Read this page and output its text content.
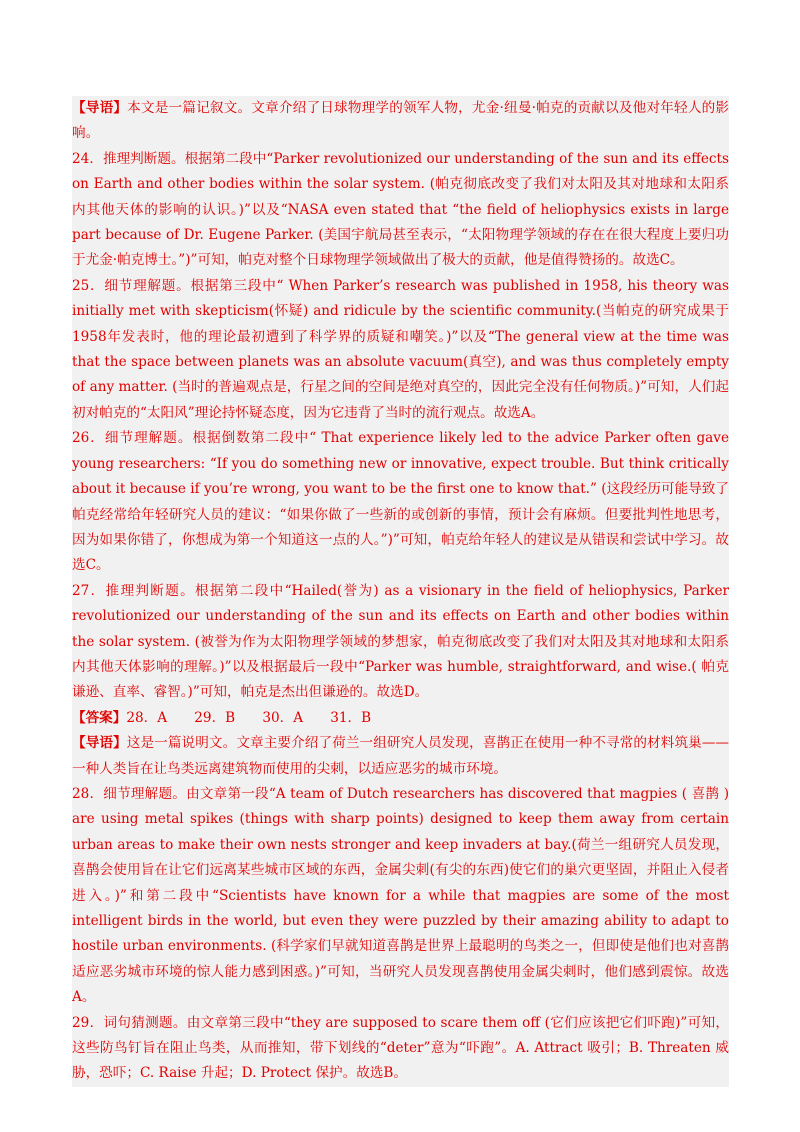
【导语】本文是一篇记叙文。文章介绍了日球物理学的领军人物，尤金·纽曼·帕克的贡献以及他对年轻人的影响。

24．推理判断题。根据第二段中“Parker revolutionized our understanding of the sun and its effects on Earth and other bodies within the solar system. (帕克彻底改变了我们对太阳及其对地球和太阳系内其他天体的影响的认识。)”以及“NASA even stated that “the field of heliophysics exists in large part because of Dr. Eugene Parker. (美国宇航局甚至表示，“太阳物理学领域的存在在很大程度上要归功于尤金·帕克博士。”)”可知，帕克对整个日球物理学领域做出了极大的贡献，他是值得赞扬的。故选C。

25．细节理解题。根据第三段中“ When Parker’s research was published in 1958, his theory was initially met with skepticism(怀疑) and ridicule by the scientific community.(当帕克的研究成果于1958年发表时，他的理论最初遭到了科学界的质疑和嘲笑。)”以及“The general view at the time was that the space between planets was an absolute vacuum(真空), and was thus completely empty of any matter. (当时的普遍观点是，行星之间的空间是绝对真空的，因此完全没有任何物质。)”可知，人们起初对帕克的“太阳风”理论持怀疑态度，因为它违背了当时的流行观点。故选A。

26．细节理解题。根据倒数第二段中“ That experience likely led to the advice Parker often gave young researchers: “If you do something new or innovative, expect trouble. But think critically about it because if you’re wrong, you want to be the first one to know that.” (这段经历可能导致了帕克经常给年轻研究人员的建议：“如果你做了一些新的或创新的事情，预计会有麻烦。但要批判性地思考，因为如果你错了，你想成为第一个知道这一点的人。”)”可知，帕克给年轻人的建议是从错误和尝试中学习。故选C。

27．推理判断题。根据第二段中“Hailed(誉为) as a visionary in the field of heliophysics, Parker revolutionized our understanding of the sun and its effects on Earth and other bodies within the solar system. (被誉为作为太阳物理学领域的梦想家，帕克彻底改变了我们对太阳及其对地球和太阳系内其他天体影响的理解。)”以及根据最后一段中“Parker was humble, straightforward, and wise.( 帕克谦逊、直率、睿智。)”可知，帕克是杰出但谦逊的。故选D。

【答案】28．A　　29．B　　30．A　　31．B

【导语】这是一篇说明文。文章主要介绍了荷兰一组研究人员发现，喜鹊正在使用一种不寻常的材料筑巢——一种人类旨在让鸟类远离建筑物而使用的尖刺，以适应恶劣的城市环境。

28．细节理解题。由文章第一段“A team of Dutch researchers has discovered that magpies ( 喜鹊 ) are using metal spikes (things with sharp points) designed to keep them away from certain urban areas to make their own nests stronger and keep invaders at bay.(荷兰一组研究人员发现，喜鹊会使用旨在让它们远离某些城市区域的东西，金属尖刺(有尖的东西)使它们的巢穴更坚固，并阻止入侵者进入。)”和第二段中“Scientists have known for a while that magpies are some of the most intelligent birds in the world, but even they were puzzled by their amazing ability to adapt to hostile urban environments. (科学家们早就知道喜鹊是世界上最聪明的鸟类之一，但即使是他们也对喜鹊适应恶劣城市环境的惊人能力感到困惑。)”可知，当研究人员发现喜鹊使用金属尖刺时，他们感到震惊。故选A。

29．词句猜测题。由文章第三段中“they are supposed to scare them off (它们应该把它们吓跑)”可知，这些防鸟钉旨在阻止鸟类，从而推知，带下划线的“deter”意为“吓跑”。A. Attract 吸引；B. Threaten 威胁，恐吓；C. Raise 升起；D. Protect 保护。故选B。
